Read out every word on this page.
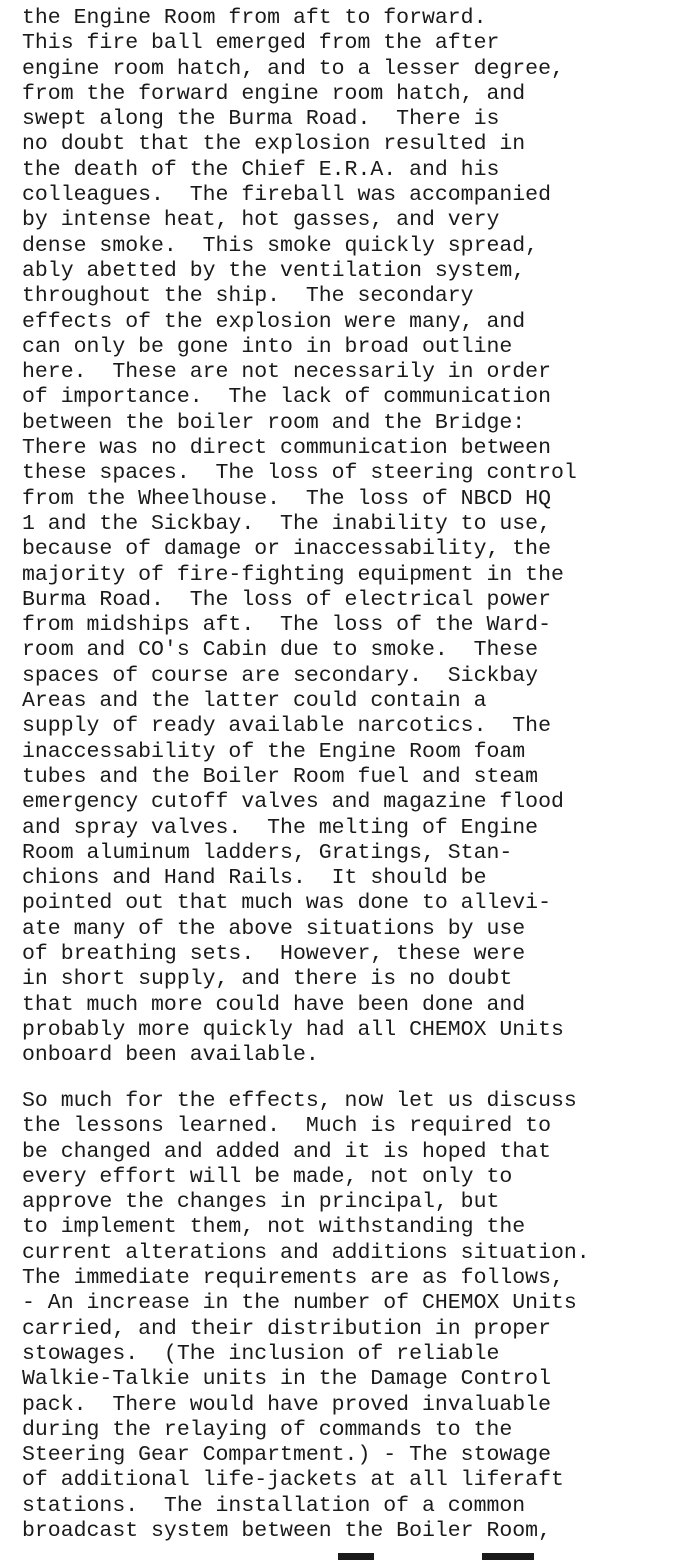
the Engine Room from aft to forward.
This fire ball emerged from the after
engine room hatch, and to a lesser degree,
from the forward engine room hatch, and
swept along the Burma Road.  There is
no doubt that the explosion resulted in
the death of the Chief E.R.A. and his
colleagues.  The fireball was accompanied
by intense heat, hot gasses, and very
dense smoke.  This smoke quickly spread,
ably abetted by the ventilation system,
throughout the ship.  The secondary
effects of the explosion were many, and
can only be gone into in broad outline
here.  These are not necessarily in order
of importance.  The lack of communication
between the boiler room and the Bridge:
There was no direct communication between
these spaces.  The loss of steering control
from the Wheelhouse.  The loss of NBCD HQ
1 and the Sickbay.  The inability to use,
because of damage or inaccessability, the
majority of fire-fighting equipment in the
Burma Road.  The loss of electrical power
from midships aft.  The loss of the Ward-
room and CO's Cabin due to smoke.  These
spaces of course are secondary.  Sickbay
Areas and the latter could contain a
supply of ready available narcotics.  The
inaccessability of the Engine Room foam
tubes and the Boiler Room fuel and steam
emergency cutoff valves and magazine flood
and spray valves.  The melting of Engine
Room aluminum ladders, Gratings, Stan-
chions and Hand Rails.  It should be
pointed out that much was done to allevi-
ate many of the above situations by use
of breathing sets.  However, these were
in short supply, and there is no doubt
that much more could have been done and
probably more quickly had all CHEMOX Units
onboard been available.

So much for the effects, now let us discuss
the lessons learned.  Much is required to
be changed and added and it is hoped that
every effort will be made, not only to
approve the changes in principal, but
to implement them, not withstanding the
current alterations and additions situation.
The immediate requirements are as follows,
- An increase in the number of CHEMOX Units
carried, and their distribution in proper
stowages.  (The inclusion of reliable
Walkie-Talkie units in the Damage Control
pack.  There would have proved invaluable
during the relaying of commands to the
Steering Gear Compartment.) - The stowage
of additional life-jackets at all liferaft
stations.  The installation of a common
broadcast system between the Boiler Room,
